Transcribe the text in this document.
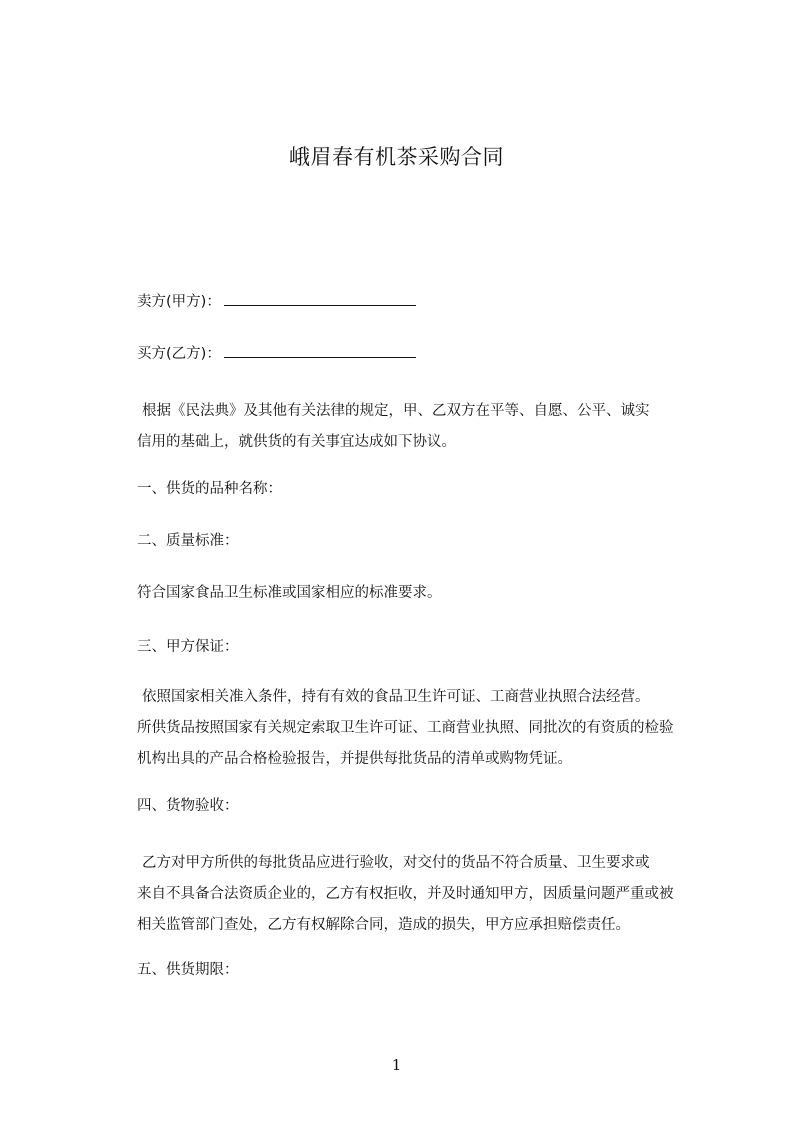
峨眉春有机茶采购合同
卖方(甲方)：
买方(乙方)：
根据《民法典》及其他有关法律的规定，甲、乙双方在平等、自愿、公平、诚实
信用的基础上，就供货的有关事宜达成如下协议。
一、供货的品种名称：
二、质量标准：
符合国家食品卫生标准或国家相应的标准要求。
三、甲方保证：
依照国家相关准入条件，持有有效的食品卫生许可证、工商营业执照合法经营。
所供货品按照国家有关规定索取卫生许可证、工商营业执照、同批次的有资质的检验
机构出具的产品合格检验报告，并提供每批货品的清单或购物凭证。
四、货物验收：
乙方对甲方所供的每批货品应进行验收，对交付的货品不符合质量、卫生要求或
来自不具备合法资质企业的，乙方有权拒收，并及时通知甲方，因质量问题严重或被
相关监管部门查处，乙方有权解除合同，造成的损失，甲方应承担赔偿责任。
五、供货期限：
1
